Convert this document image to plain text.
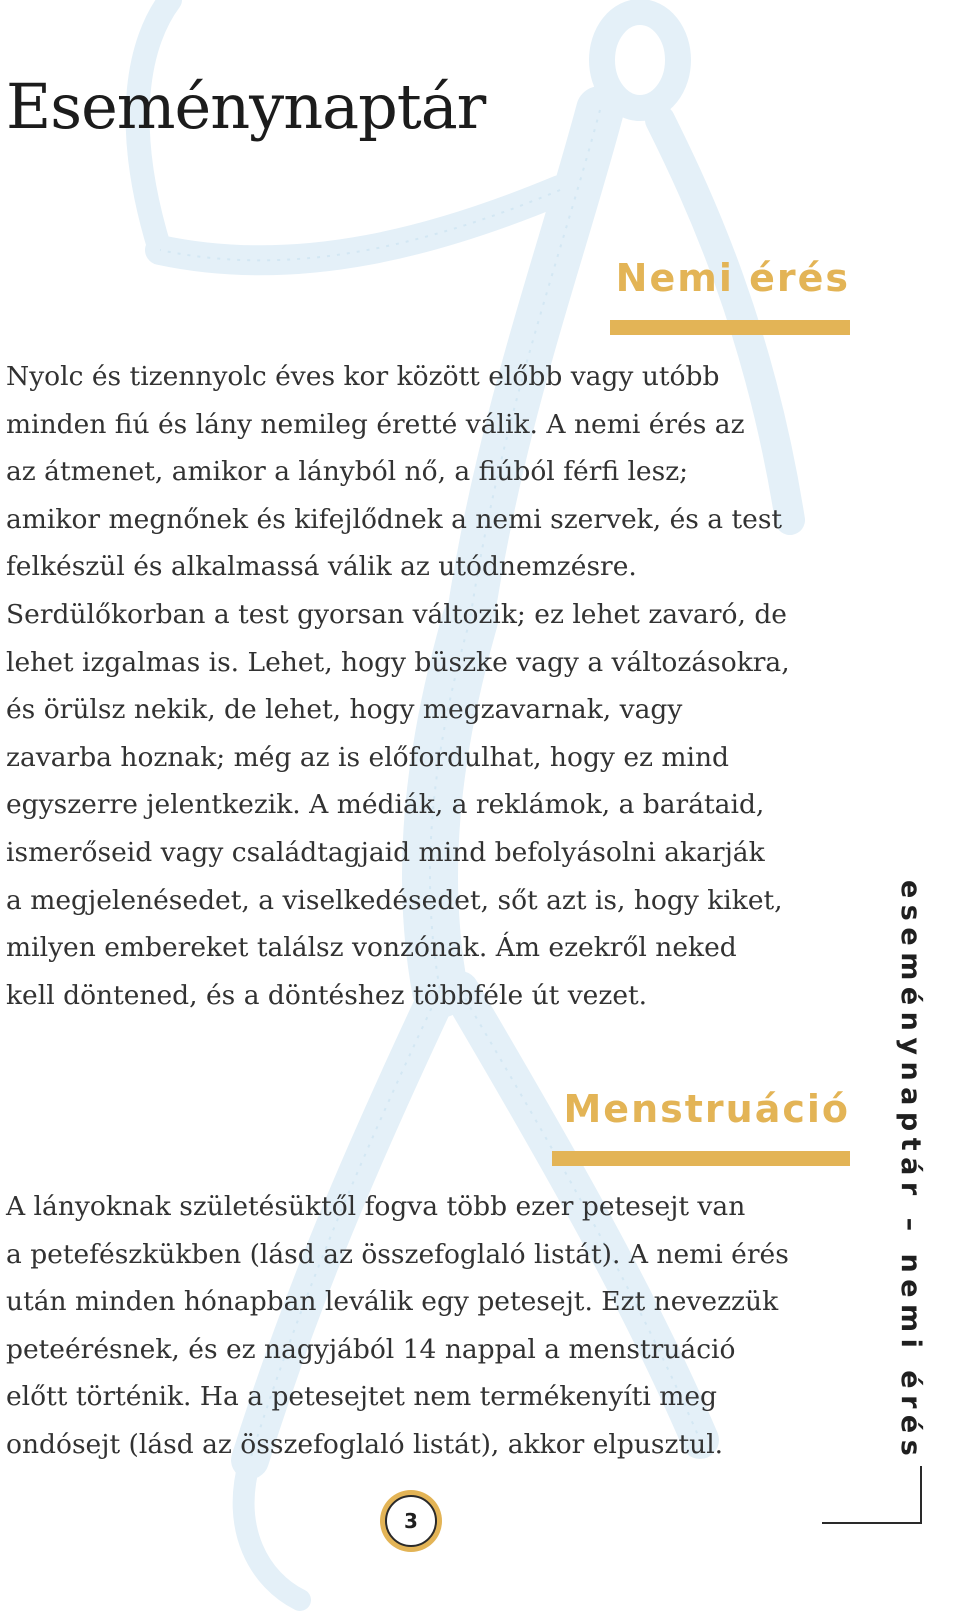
Eseménynaptár
Nemi érés
Nyolc és tizennyolc éves kor között előbb vagy utóbb
minden fiú és lány nemileg éretté válik. A nemi érés az
az átmenet, amikor a lányból nő, a fiúból férfi lesz;
amikor megnőnek és kifejlődnek a nemi szervek, és a test
felkészül és alkalmassá válik az utódnemzésre.
Serdülőkorban a test gyorsan változik; ez lehet zavaró, de
lehet izgalmas is. Lehet, hogy büszke vagy a változásokra,
és örülsz nekik, de lehet, hogy megzavarnak, vagy
zavarba hoznak; még az is előfordulhat, hogy ez mind
egyszerre jelentkezik. A médiák, a reklámok, a barátaid,
ismerőseid vagy családtagjaid mind befolyásolni akarják
a megjelenésedet, a viselkedésedet, sőt azt is, hogy kiket,
milyen embereket találsz vonzónak. Ám ezekről neked
kell döntened, és a döntéshez többféle út vezet.
Menstruáció
A lányoknak születésüktől fogva több ezer petesejt van
a petefészkükben (lásd az összefoglaló listát). A nemi érés
után minden hónapban leválik egy petesejt. Ezt nevezzük
peteérésnek, és ez nagyjából 14 nappal a menstruáció
előtt történik. Ha a petesejtet nem termékenyíti meg
ondósejt (lásd az összefoglaló listát), akkor elpusztul.	eseménynaptár – nemi érés
3
